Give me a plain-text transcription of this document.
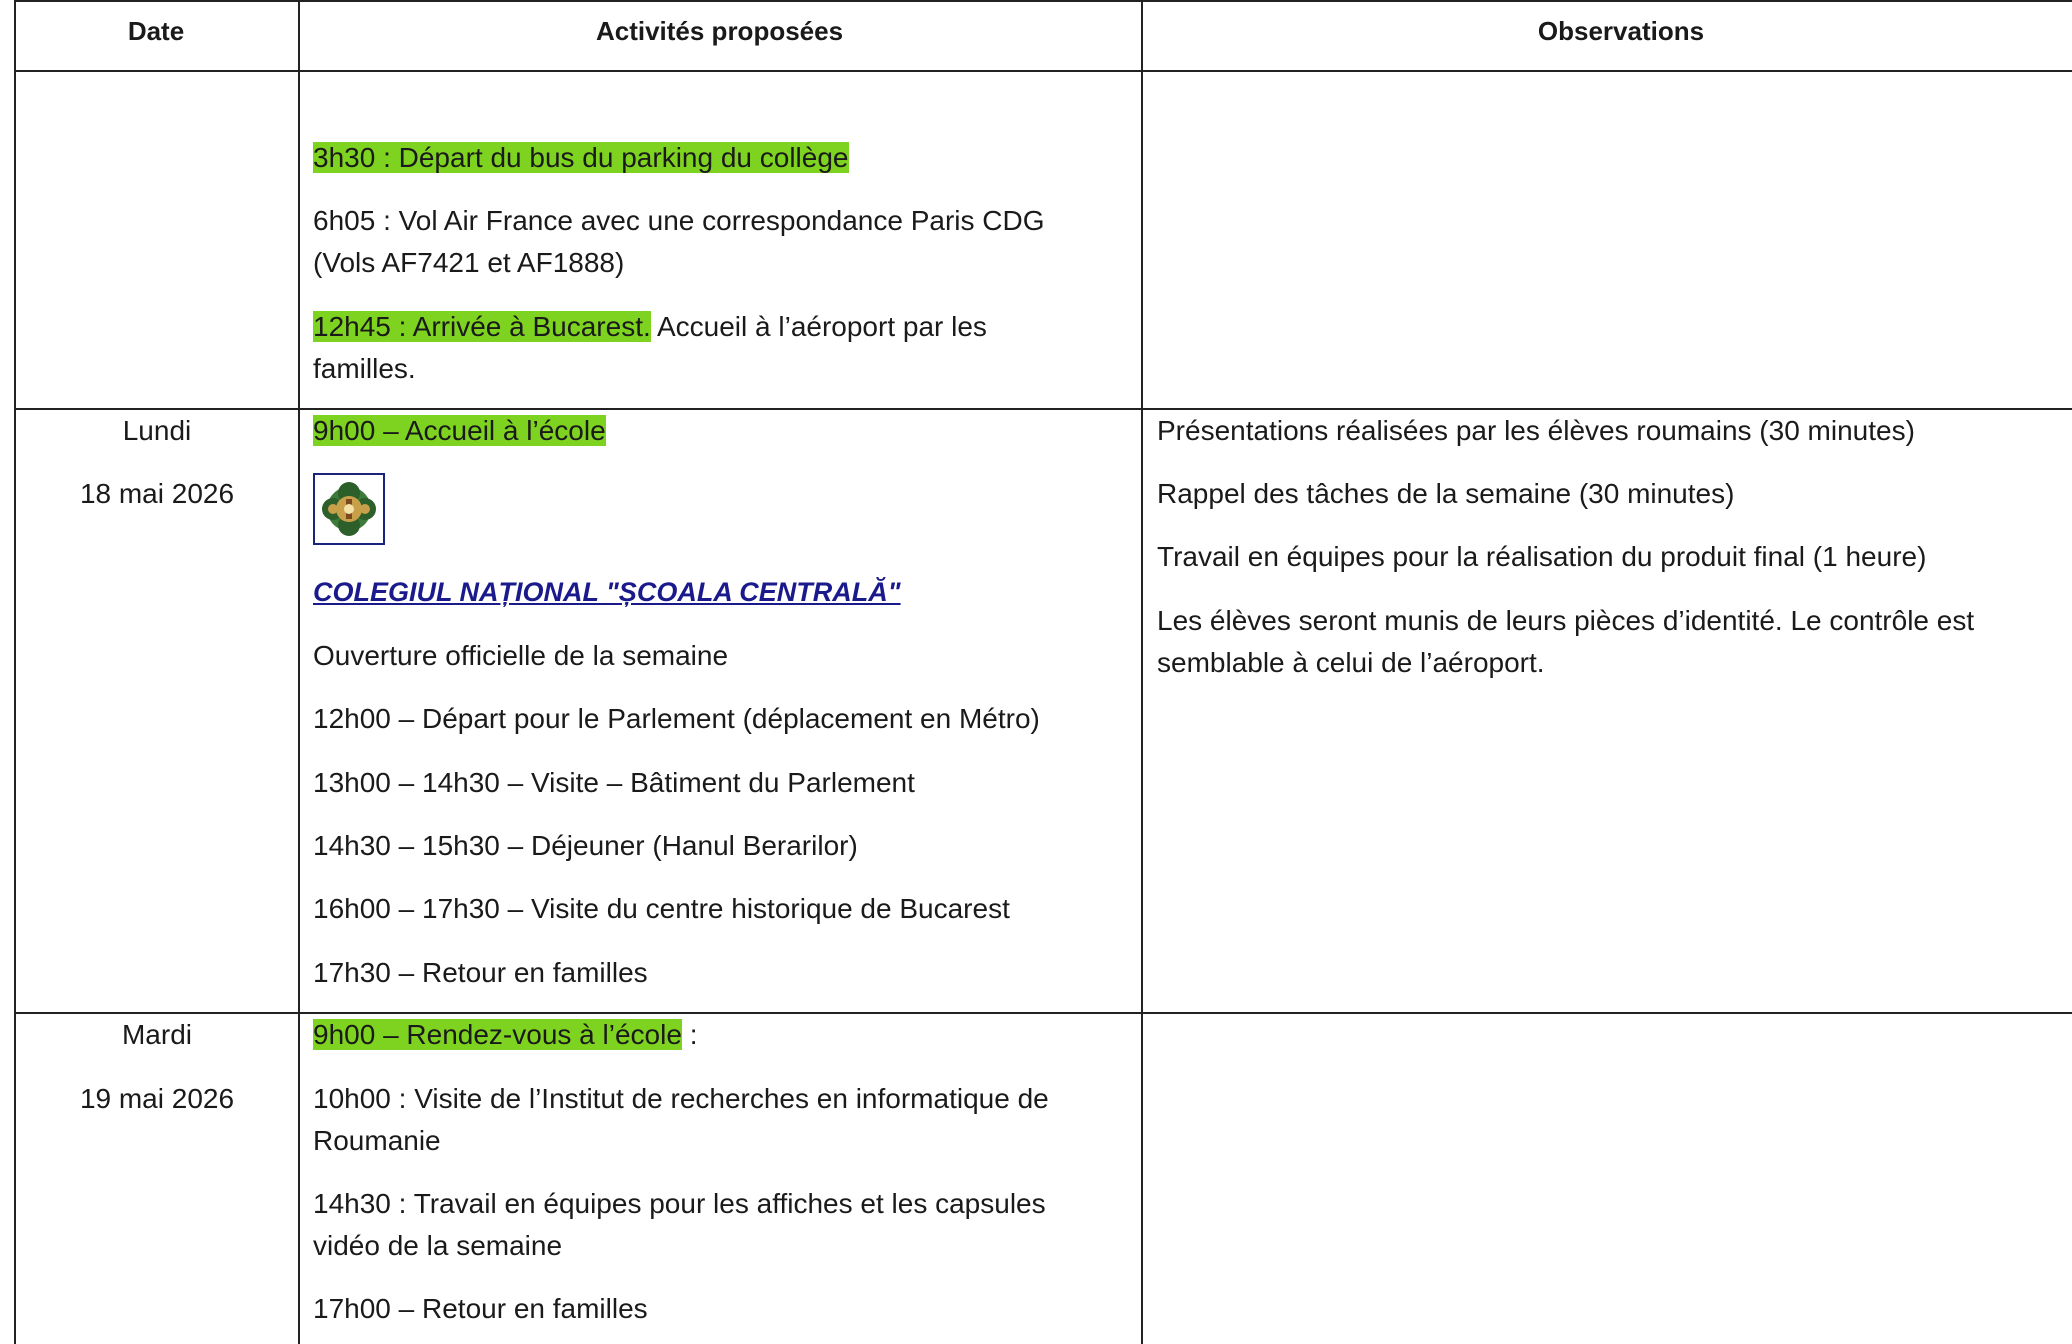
Date	Activités proposées	Observations
3h30 : Départ du bus du parking du collège
6h05 : Vol Air France avec une correspondance Paris CDG
(Vols AF7421 et AF1888)
12h45 : Arrivée à Bucarest. Accueil à l’aéroport par les
familles.
Lundi
18 mai 2026
9h00 – Accueil à l’école
COLEGIUL NAȚIONAL "ȘCOALA CENTRALĂ"
Ouverture officielle de la semaine
12h00 – Départ pour le Parlement (déplacement en Métro)
13h00 – 14h30 – Visite – Bâtiment du Parlement
14h30 – 15h30 – Déjeuner (Hanul Berarilor)
16h00 – 17h30 – Visite du centre historique de Bucarest
17h30 – Retour en familles
Présentations réalisées par les élèves roumains (30 minutes)
Rappel des tâches de la semaine (30 minutes)
Travail en équipes pour la réalisation du produit final (1 heure)
Les élèves seront munis de leurs pièces d’identité. Le contrôle est
semblable à celui de l’aéroport.
Mardi
19 mai 2026
9h00 – Rendez-vous à l’école :
10h00 : Visite de l’Institut de recherches en informatique de
Roumanie
14h30 : Travail en équipes pour les affiches et les capsules
vidéo de la semaine
17h00 – Retour en familles
